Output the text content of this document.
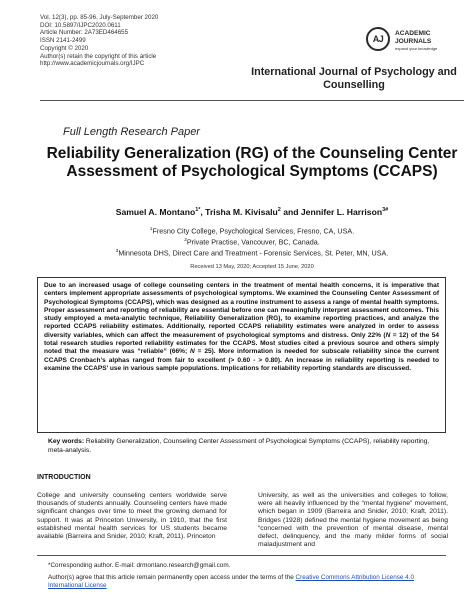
Vol. 12(3), pp. 85-96, July-September 2020
DOI: 10.5897/IJPC2020.0611
Article Number: 2A73ED464655
ISSN 2141-2499
Copyright © 2020
Author(s) retain the copyright of this article
http://www.academicjournals.org/IJPC
AJ
ACADEMIC
JOURNALS
expand your knowledge
International Journal of Psychology and Counselling
Full Length Research Paper
Reliability Generalization (RG) of the Counseling Center Assessment of Psychological Symptoms (CCAPS)
Samuel A. Montano$^{1*}$, Trisha M. Kivisalu$^2$ and Jennifer L. Harrison$^{3\#}$
$^1$Fresno City College, Psychological Services, Fresno, CA, USA.
$^2$Private Practise, Vancouver, BC, Canada.
$^3$Minnesota DHS, Direct Care and Treatment - Forensic Services, St. Peter, MN, USA.
Received 13 May, 2020; Accepted 15 June, 2020
Due to an increased usage of college counseling centers in the treatment of mental health concerns, it is imperative that centers implement appropriate assessments of psychological symptoms. We examined the Counseling Center Assessment of Psychological Symptoms (CCAPS), which was designed as a routine instrument to assess a range of mental health symptoms. Proper assessment and reporting of reliability are essential before one can meaningfully interpret assessment outcomes. This study employed a meta-analytic technique, Reliability Generalization (RG), to examine reporting practices, and analyze the reported CCAPS reliability estimates. Additionally, reported CCAPS reliability estimates were analyzed in order to assess diversity variables, which can affect the measurement of psychological symptoms and distress. Only 22% (N = 12) of the 54 total research studies reported reliability estimates for the CCAPS. Most studies cited a previous source and others simply noted that the measure was “reliable” (66%; N = 25). More information is needed for subscale reliability since the current CCAPS Cronbach’s alphas ranged from fair to excellent (> 0.60 - > 0.80). An increase in reliability reporting is needed to examine the CCAPS’ use in various sample populations. Implications for reliability reporting standards are discussed.
Key words: Reliability Generalization, Counseling Center Assessment of Psychological Symptoms (CCAPS), reliability reporting, meta-analysis.
INTRODUCTION
College and university counseling centers worldwide serve thousands of students annually. Counseling centers have made significant changes over time to meet the growing demand for support. It was at Princeton University, in 1910, that the first established mental health services for US students became available (Barreira and Snider, 2010; Kraft, 2011). Princeton
University, as well as the universities and colleges to follow, were all heavily influenced by the “mental hygiene” movement, which began in 1909 (Barreira and Snider, 2010; Kraft, 2011). Bridges (1928) defined the mental hygiene movement as being “concerned with the prevention of mental disease, mental defect, delinquency, and the many milder forms of social maladjustment and

*Corresponding author. E-mail: drmontano.research@gmail.com.

Author(s) agree that this article remain permanently open access under the terms of the Creative Commons Attribution License 4.0 International License
